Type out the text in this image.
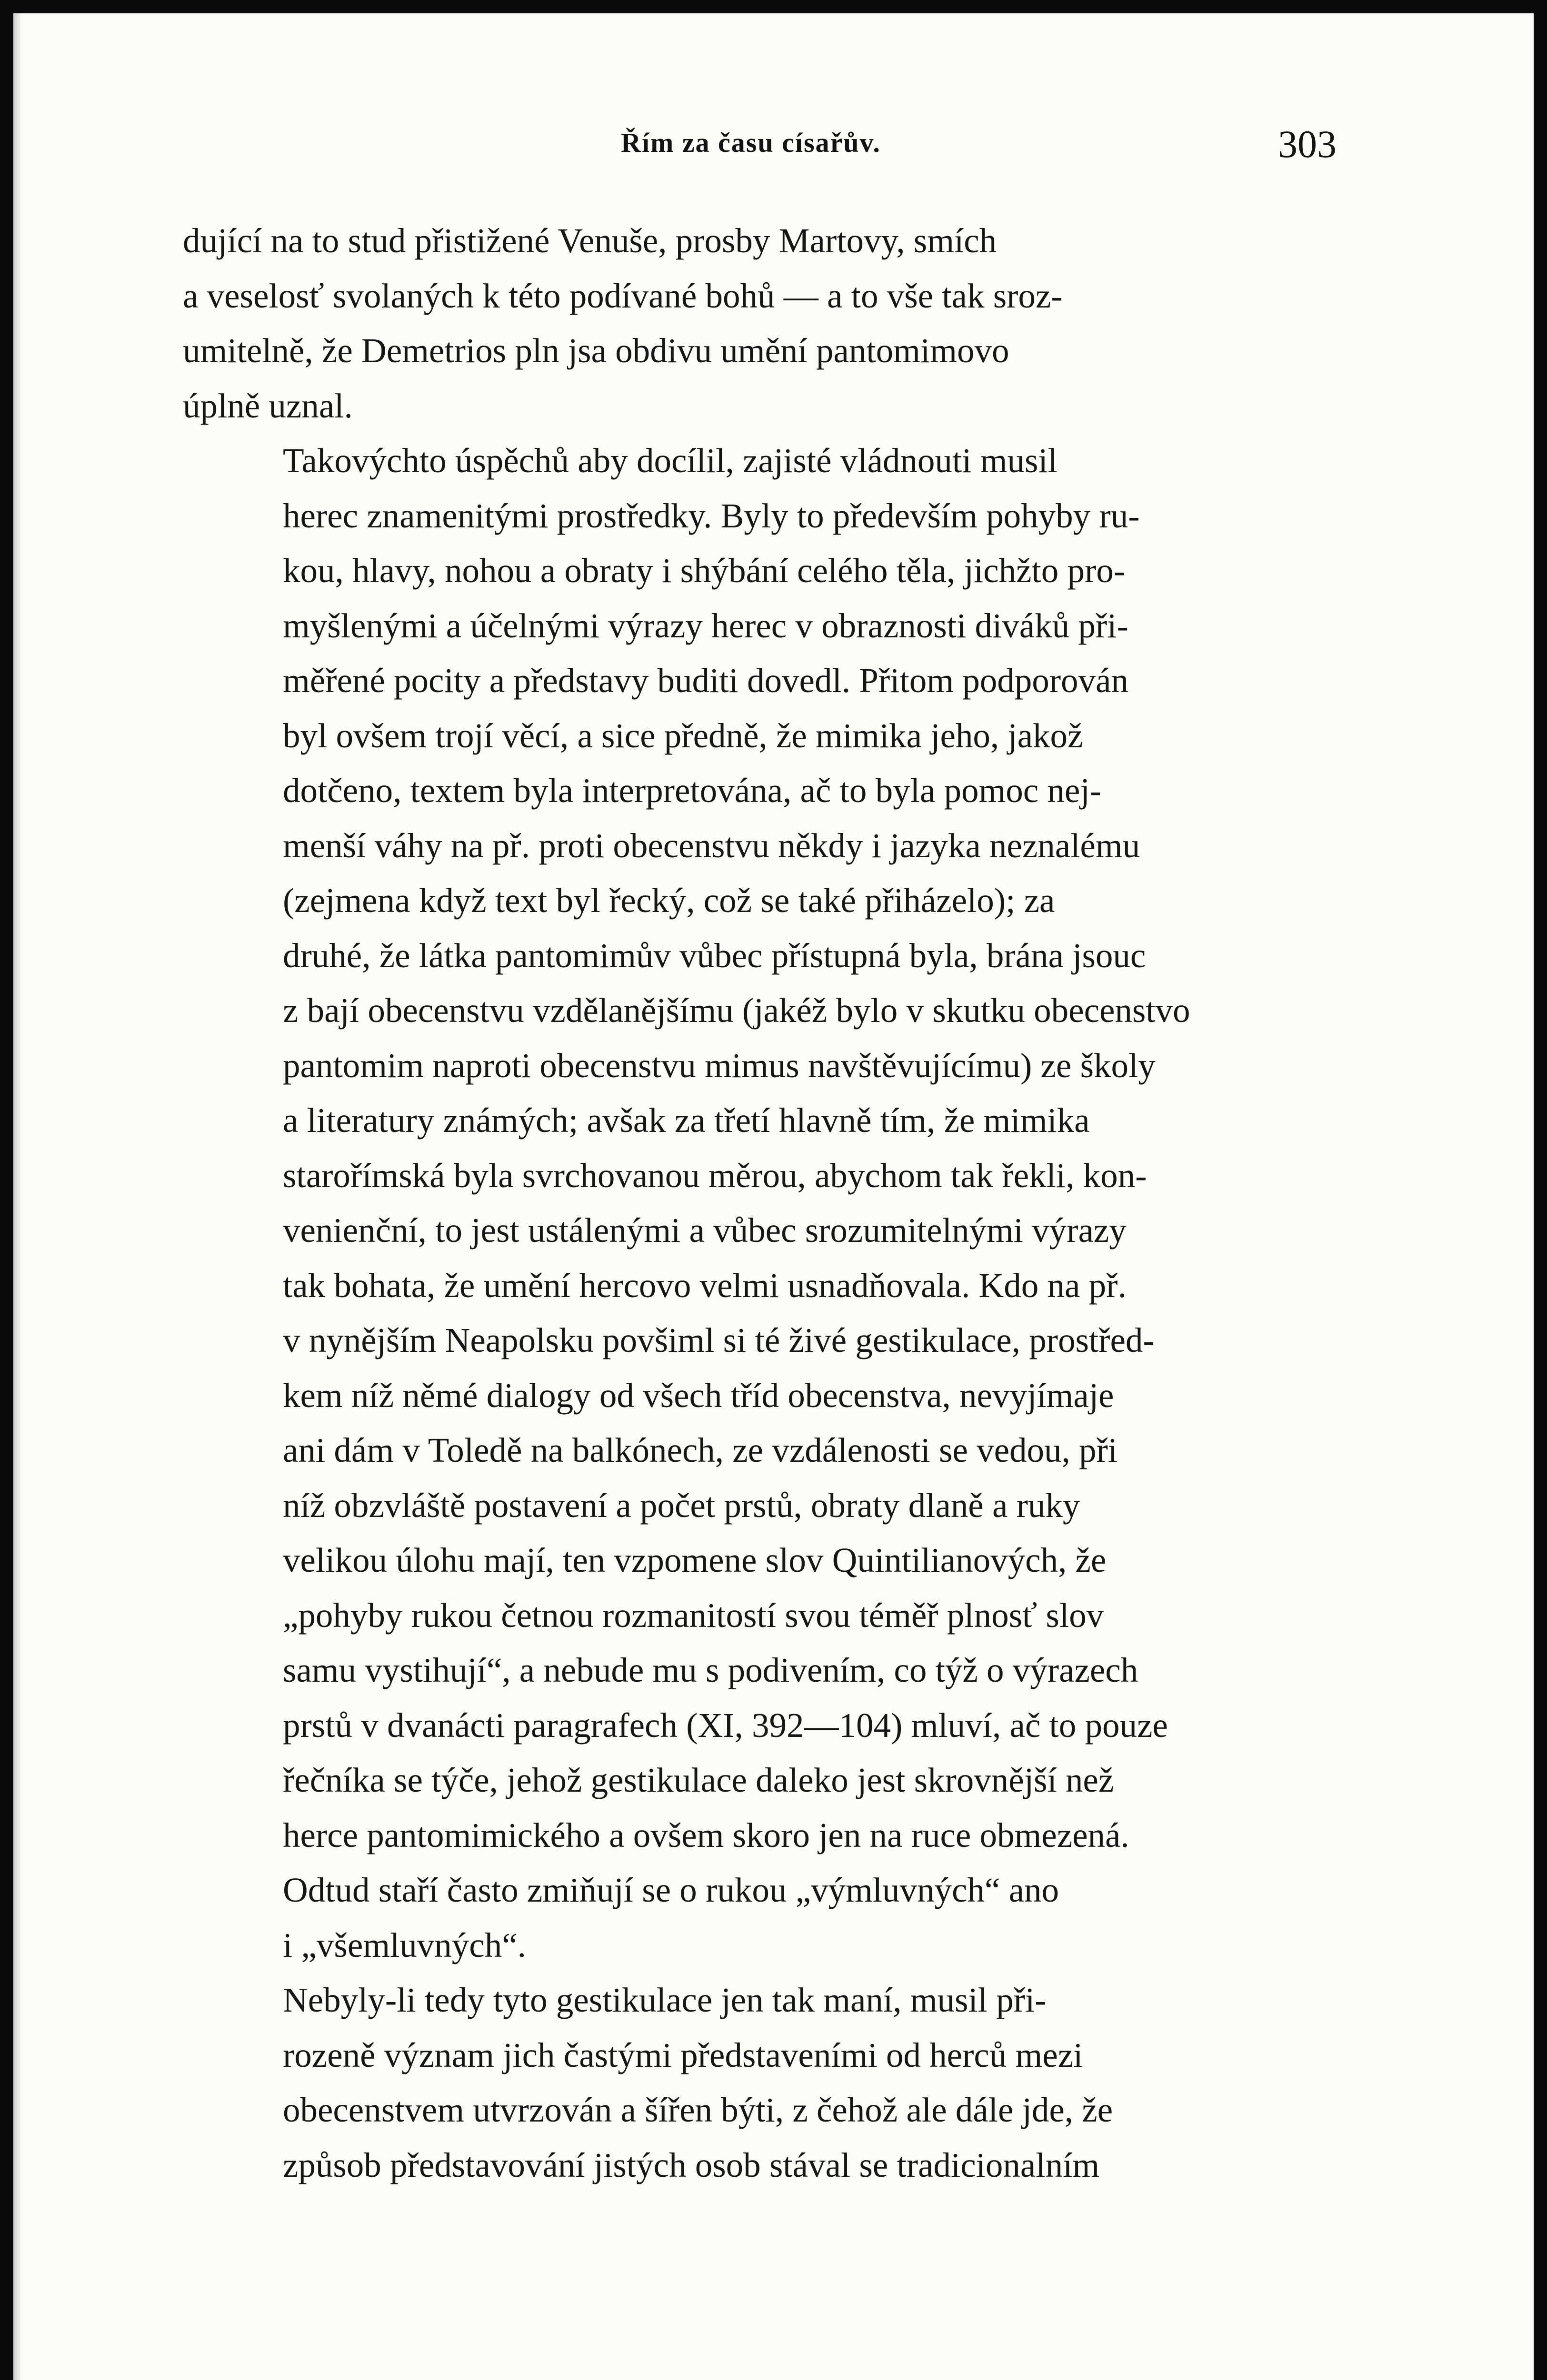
Řím za času císařův.	303

dující na to stud přistižené Venuše, prosby Martovy, smích
a veselosť svolaných k této podívané bohů — a to vše tak sroz-
umitelně, že Demetrios pln jsa obdivu umění pantomimovo
úplně uznal.

Takovýchto úspěchů aby docílil, zajisté vládnouti musil
herec znamenitými prostředky. Byly to především pohyby ru-
kou, hlavy, nohou a obraty i shýbání celého těla, jichžto pro-
myšlenými a účelnými výrazy herec v obraznosti diváků při-
měřené pocity a představy buditi dovedl. Přitom podporován
byl ovšem trojí věcí, a sice předně, že mimika jeho, jakož
dotčeno, textem byla interpretována, ač to byla pomoc nej-
menší váhy na př. proti obecenstvu někdy i jazyka neznalému
(zejmena když text byl řecký, což se také přiházelo); za
druhé, že látka pantomimův vůbec přístupná byla, brána jsouc
z bají obecenstvu vzdělanějšímu (jakéž bylo v skutku obecenstvo
pantomim naproti obecenstvu mimus navštěvujícímu) ze školy
a literatury známých; avšak za třetí hlavně tím, že mimika
starořímská byla svrchovanou měrou, abychom tak řekli, kon-
venienční, to jest ustálenými a vůbec srozumitelnými výrazy
tak bohata, že umění hercovo velmi usnadňovala. Kdo na př.
v nynějším Neapolsku povšiml si té živé gestikulace, prostřed-
kem níž němé dialogy od všech tříd obecenstva, nevyjímaje
ani dám v Toledě na balkónech, ze vzdálenosti se vedou, při
níž obzvláště postavení a počet prstů, obraty dlaně a ruky
velikou úlohu mají, ten vzpomene slov Quintilianových, že
„pohyby rukou četnou rozmanitostí svou téměř plnosť slov
samu vystihují“, a nebude mu s podivením, co týž o výrazech
prstů v dvanácti paragrafech (XI, 392—104) mluví, ač to pouze
řečníka se týče, jehož gestikulace daleko jest skrovnější než
herce pantomimického a ovšem skoro jen na ruce obmezená.
Odtud staří často zmiňují se o rukou „výmluvných“ ano
i „všemluvných“.

Nebyly-li tedy tyto gestikulace jen tak maní, musil při-
rozeně význam jich častými představeními od herců mezi
obecenstvem utvrzován a šířen býti, z čehož ale dále jde, že
způsob představování jistých osob stával se tradicionalním
